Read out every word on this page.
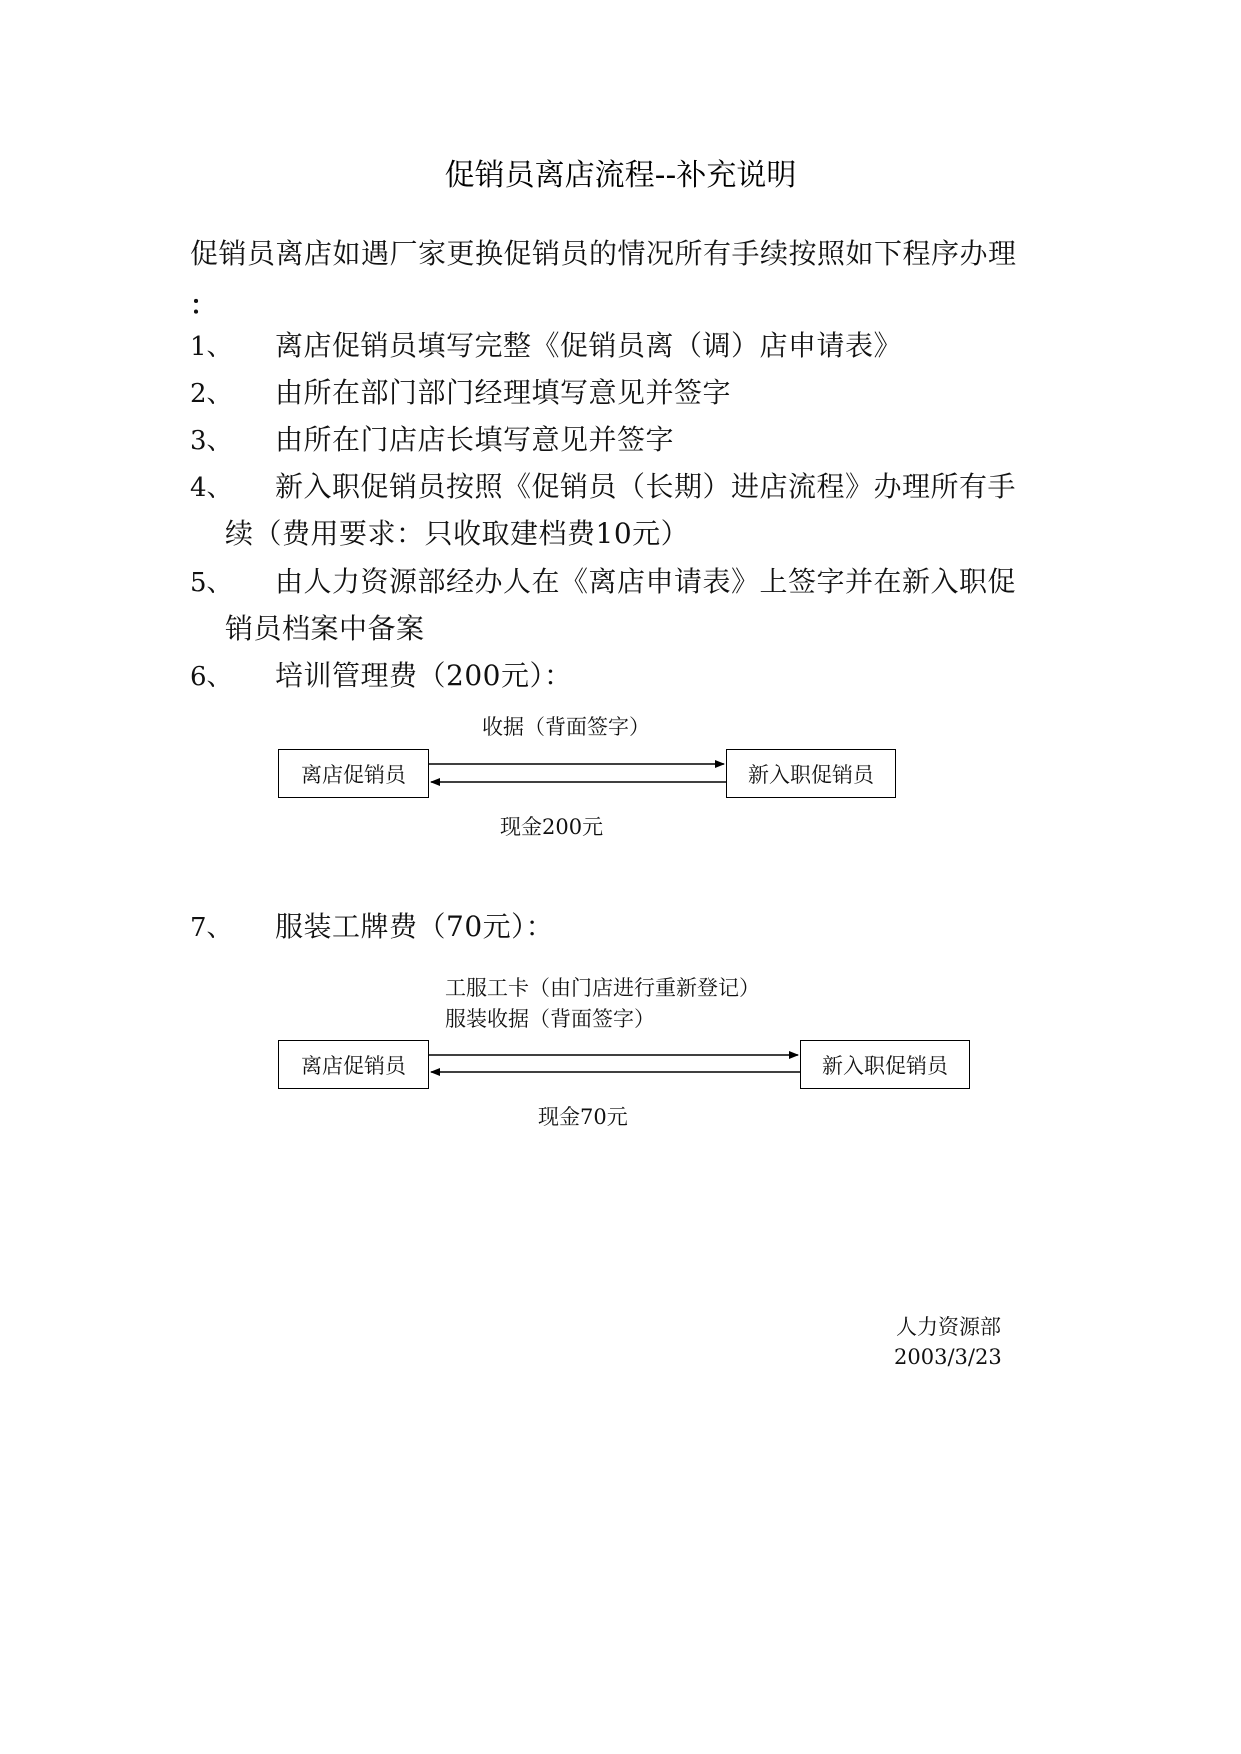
促销员离店流程--补充说明
促销员离店如遇厂家更换促销员的情况所有手续按照如下程序办理
：
1、 离店促销员填写完整《促销员离（调）店申请表》
2、 由所在部门部门经理填写意见并签字
3、 由所在门店店长填写意见并签字
4、 新入职促销员按照《促销员（长期）进店流程》办理所有手
续（费用要求：只收取建档费10元）
5、 由人力资源部经办人在《离店申请表》上签字并在新入职促
销员档案中备案
6、 培训管理费（200元）：
收据（背面签字）
离店促销员	新入职促销员
现金200元
7、 服装工牌费（70元）：
工服工卡（由门店进行重新登记）
服装收据（背面签字）
离店促销员	新入职促销员
现金70元
人力资源部
2003/3/23
